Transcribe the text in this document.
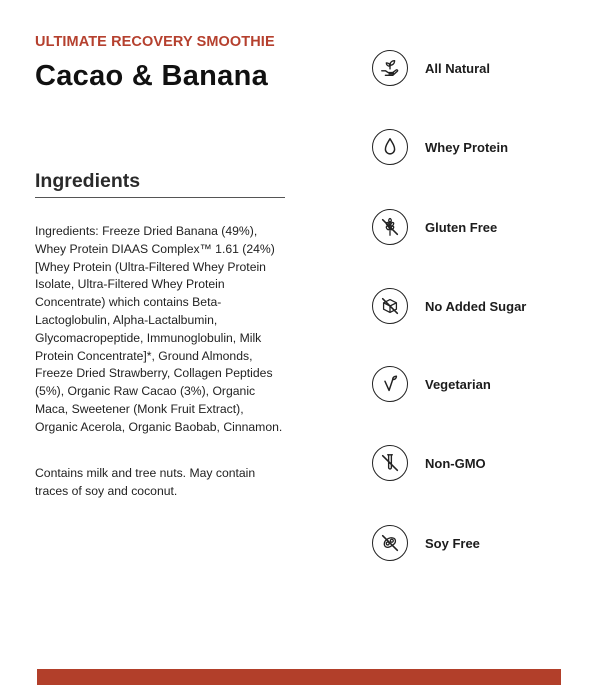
ULTIMATE RECOVERY SMOOTHIE
Cacao & Banana
Ingredients
Ingredients: Freeze Dried Banana (49%), Whey Protein DIAAS Complex™ 1.61 (24%) [Whey Protein (Ultra-Filtered Whey Protein Isolate, Ultra-Filtered Whey Protein Concentrate) which contains Beta-Lactoglobulin, Alpha-Lactalbumin, Glycomacropeptide, Immunoglobulin, Milk Protein Concentrate]*, Ground Almonds, Freeze Dried Strawberry, Collagen Peptides (5%), Organic Raw Cacao (3%), Organic Maca, Sweetener (Monk Fruit Extract), Organic Acerola, Organic Baobab, Cinnamon.
Contains milk and tree nuts. May contain traces of soy and coconut.
All Natural
Whey Protein
Gluten Free
No Added Sugar
Vegetarian
Non-GMO
Soy Free
